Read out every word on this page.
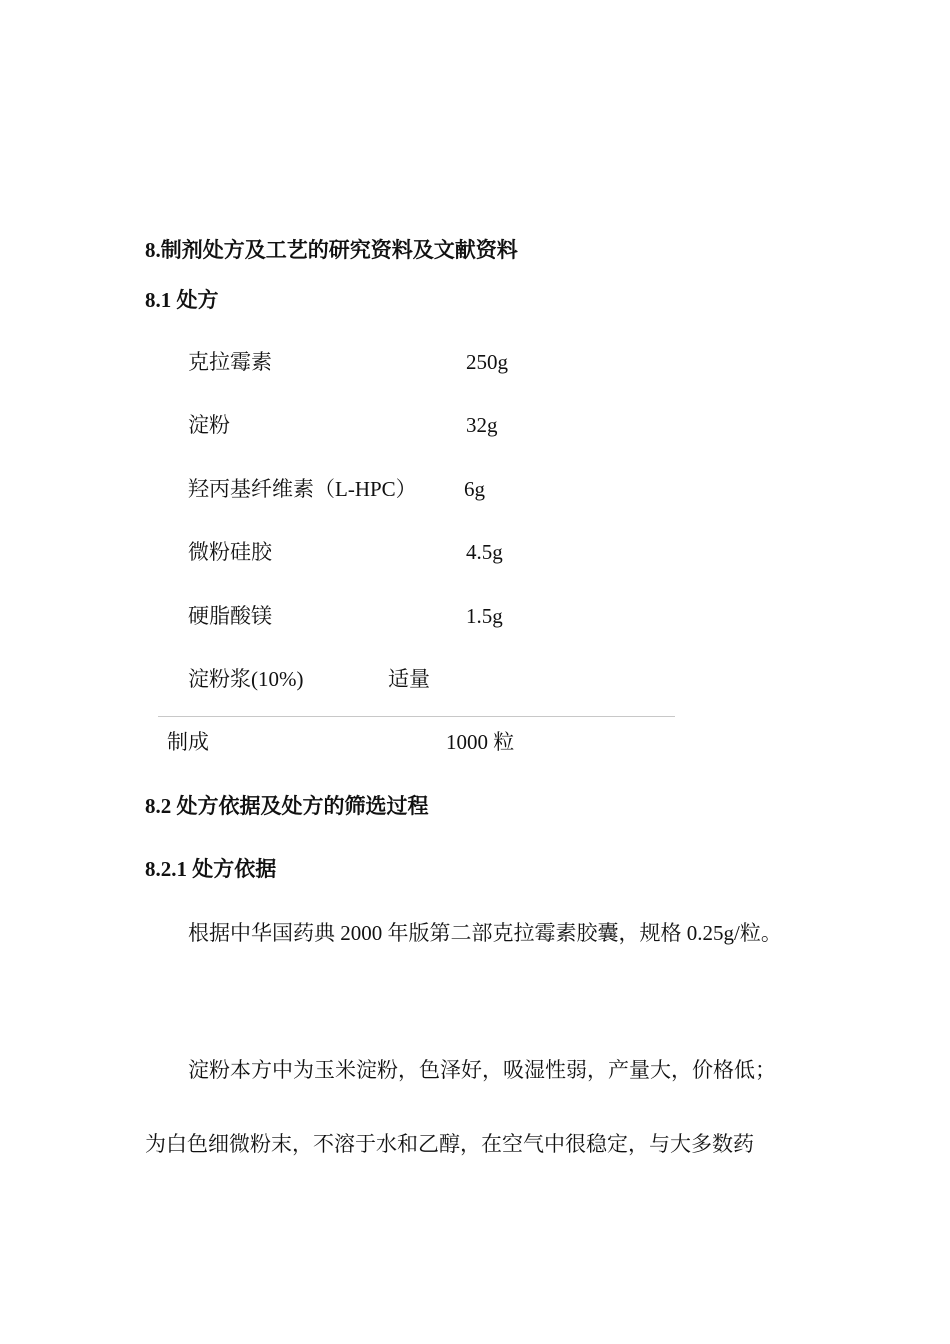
8.制剂处方及工艺的研究资料及文献资料
8.1 处方
克拉霉素	250g
淀粉	32g
羟丙基纤维素（L-HPC） 6g
微粉硅胶	4.5g
硬脂酸镁	1.5g
淀粉浆(10%)	适量
制成	1000 粒
8.2 处方依据及处方的筛选过程
8.2.1 处方依据
根据中华国药典 2000 年版第二部克拉霉素胶囊，规格 0.25g/粒。
淀粉本方中为玉米淀粉，色泽好，吸湿性弱，产量大，价格低；
为白色细微粉末，不溶于水和乙醇，在空气中很稳定，与大多数药
